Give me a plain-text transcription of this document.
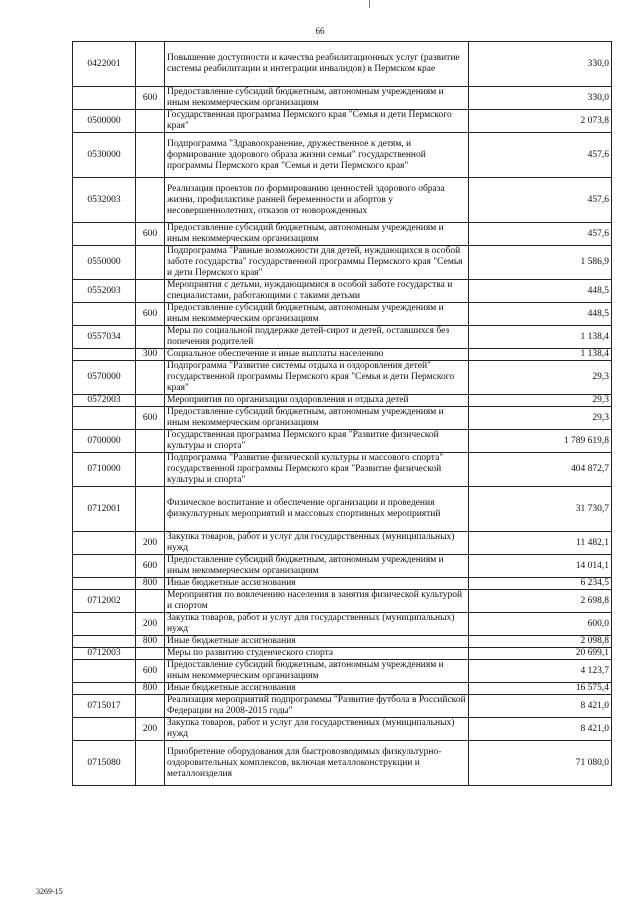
66
0422001		Повышение доступности и качества реабилитационных услуг (развитие системы реабилитации и интеграции инвалидов) в Пермском крае	330,0
	600	Предоставление субсидий бюджетным, автономным учреждениям и иным некоммерческим организациям	330,0
0500000		Государственная программа Пермского края "Семья и дети Пермского края"	2 073,8
0530000		Подпрограмма "Здравоохранение, дружественное к детям, и формирование здорового образа жизни семьи" государственной программы Пермского края "Семья и дети Пермского края"	457,6
0532003		Реализация проектов по формированию ценностей здорового образа жизни, профилактике ранней беременности и абортов у несовершеннолетних, отказов от новорожденных	457,6
	600	Предоставление субсидий бюджетным, автономным учреждениям и иным некоммерческим организациям	457,6
0550000		Подпрограмма "Равные возможности для детей, нуждающихся в особой заботе государства" государственной программы Пермского края "Семья и дети Пермского края"	1 586,9
0552003		Мероприятия с детьми, нуждающимися в особой заботе государства и специалистами, работающими с такими детьми	448,5
	600	Предоставление субсидий бюджетным, автономным учреждениям и иным некоммерческим организациям	448,5
0557034		Меры по социальной поддержке детей-сирот и детей, оставшихся без попечения родителей	1 138,4
	300	Социальное обеспечение и иные выплаты населению	1 138,4
0570000		Подпрограмма "Развитие системы отдыха и оздоровления детей" государственной программы Пермского края "Семья и дети Пермского края"	29,3
0572003		Мероприятия по организации оздоровления и отдыха детей	29,3
	600	Предоставление субсидий бюджетным, автономным учреждениям и иным некоммерческим организациям	29,3
0700000		Государственная программа Пермского края "Развитие физической культуры и спорта"	1 789 619,8
0710000		Подпрограмма "Развитие физической культуры и массового спорта" государственной программы Пермского края "Развитие физической культуры и спорта"	404 872,7
0712001		Физическое воспитание и обеспечение организации и проведения физкультурных мероприятий и массовых спортивных мероприятий	31 730,7
	200	Закупка товаров, работ и услуг для государственных (муниципальных) нужд	11 482,1
	600	Предоставление субсидий бюджетным, автономным учреждениям и иным некоммерческим организациям	14 014,1
	800	Иные бюджетные ассигнования	6 234,5
0712002		Мероприятия по вовлечению населения в занятия физической культурой и спортом	2 698,8
	200	Закупка товаров, работ и услуг для государственных (муниципальных) нужд	600,0
	800	Иные бюджетные ассигнования	2 098,8
0712003		Меры по развитию студенческого спорта	20 699,1
	600	Предоставление субсидий бюджетным, автономным учреждениям и иным некоммерческим организациям	4 123,7
	800	Иные бюджетные ассигнования	16 575,4
0715017		Реализация мероприятий подпрограммы "Развитие футбола в Российской Федерации на 2008-2015 годы"	8 421,0
	200	Закупка товаров, работ и услуг для государственных (муниципальных) нужд	8 421,0
0715080		Приобретение оборудования для быстровозводимых физкультурно-оздоровительных комплексов, включая металлоконструкции и металлоизделия	71 080,0
3269-15
